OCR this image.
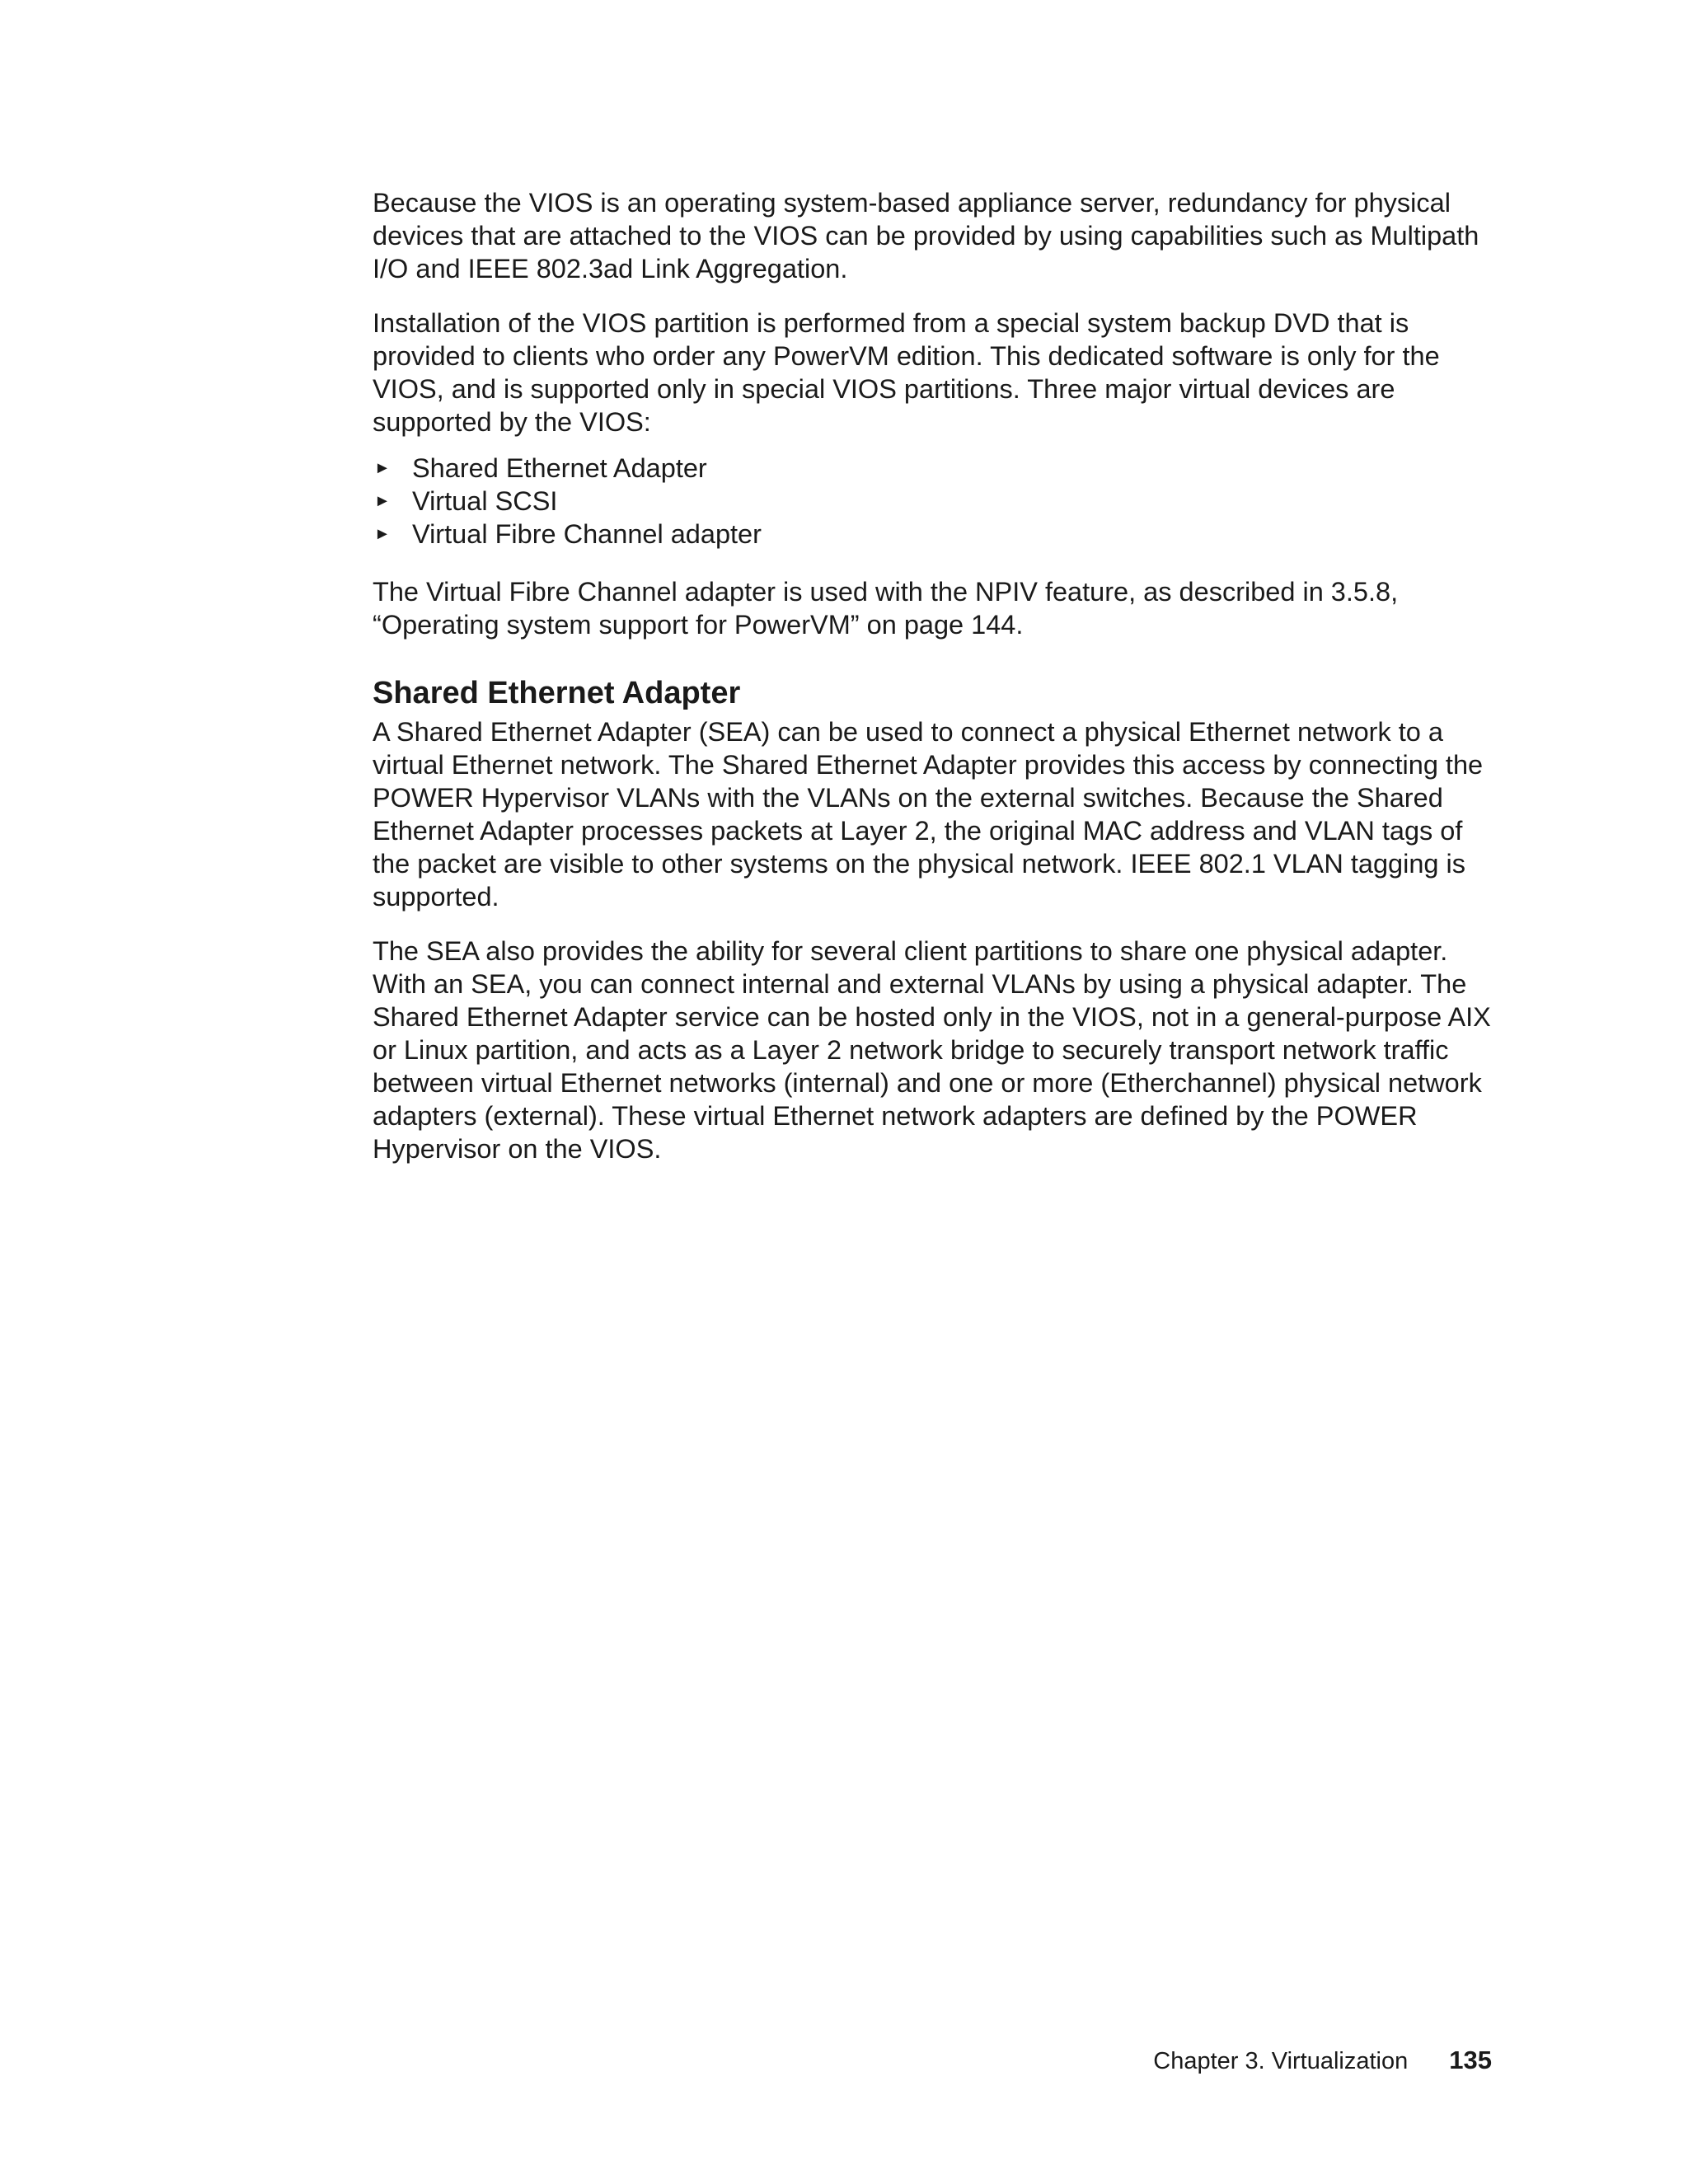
Because the VIOS is an operating system-based appliance server, redundancy for physical devices that are attached to the VIOS can be provided by using capabilities such as Multipath I/O and IEEE 802.3ad Link Aggregation.

Installation of the VIOS partition is performed from a special system backup DVD that is provided to clients who order any PowerVM edition. This dedicated software is only for the VIOS, and is supported only in special VIOS partitions. Three major virtual devices are supported by the VIOS:

► Shared Ethernet Adapter
► Virtual SCSI
► Virtual Fibre Channel adapter

The Virtual Fibre Channel adapter is used with the NPIV feature, as described in 3.5.8, “Operating system support for PowerVM” on page 144.

Shared Ethernet Adapter

A Shared Ethernet Adapter (SEA) can be used to connect a physical Ethernet network to a virtual Ethernet network. The Shared Ethernet Adapter provides this access by connecting the POWER Hypervisor VLANs with the VLANs on the external switches. Because the Shared Ethernet Adapter processes packets at Layer 2, the original MAC address and VLAN tags of the packet are visible to other systems on the physical network. IEEE 802.1 VLAN tagging is supported.

The SEA also provides the ability for several client partitions to share one physical adapter. With an SEA, you can connect internal and external VLANs by using a physical adapter. The Shared Ethernet Adapter service can be hosted only in the VIOS, not in a general-purpose AIX or Linux partition, and acts as a Layer 2 network bridge to securely transport network traffic between virtual Ethernet networks (internal) and one or more (Etherchannel) physical network adapters (external). These virtual Ethernet network adapters are defined by the POWER Hypervisor on the VIOS.

Chapter 3. Virtualization 135
